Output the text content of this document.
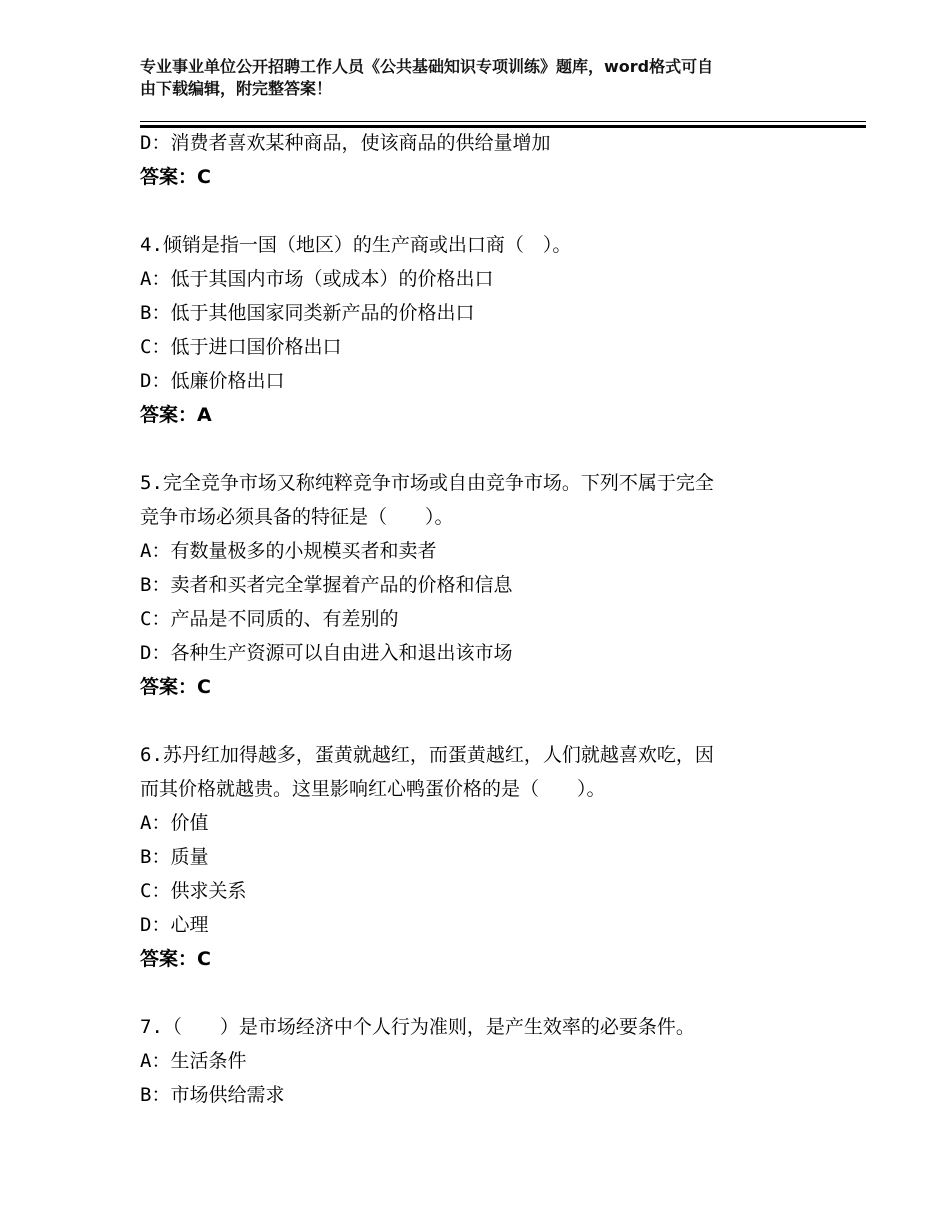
专业事业单位公开招聘工作人员《公共基础知识专项训练》题库，word格式可自
由下载编辑，附完整答案！
D：消费者喜欢某种商品，使该商品的供给量增加
答案：C
4.倾销是指一国（地区）的生产商或出口商（　）。
A：低于其国内市场（或成本）的价格出口
B：低于其他国家同类新产品的价格出口
C：低于进口国价格出口
D：低廉价格出口
答案：A
5.完全竞争市场又称纯粹竞争市场或自由竞争市场。下列不属于完全
竞争市场必须具备的特征是（　　）。
A：有数量极多的小规模买者和卖者
B：卖者和买者完全掌握着产品的价格和信息
C：产品是不同质的、有差别的
D：各种生产资源可以自由进入和退出该市场
答案：C
6.苏丹红加得越多，蛋黄就越红，而蛋黄越红，人们就越喜欢吃，因
而其价格就越贵。这里影响红心鸭蛋价格的是（　　）。
A：价值
B：质量
C：供求关系
D：心理
答案：C
7.（　　）是市场经济中个人行为准则，是产生效率的必要条件。
A：生活条件
B：市场供给需求
